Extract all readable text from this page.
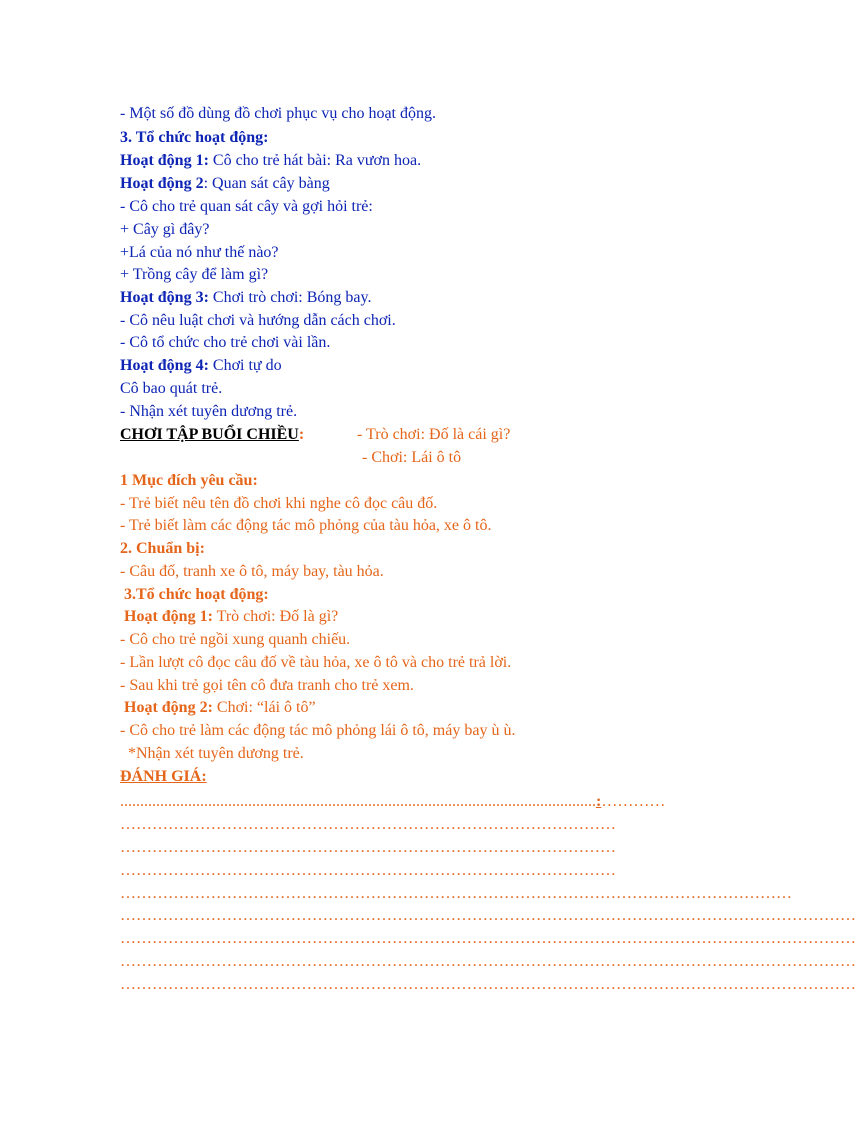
- Một số đồ dùng đồ chơi phục vụ cho hoạt động.
3. Tổ chức hoạt động:
Hoạt động 1: Cô cho trẻ hát bài: Ra vươn hoa.
Hoạt động 2: Quan sát cây bàng
- Cô cho trẻ quan sát cây và gợi hỏi trẻ:
+ Cây gì đây?
+Lá của nó như thế nào?
+ Trồng cây để làm gì?
Hoạt động 3: Chơi trò chơi: Bóng bay.
- Cô nêu luật chơi và hướng dẫn cách chơi.
- Cô tổ chức cho trẻ chơi vài lần.
Hoạt động 4: Chơi tự do
Cô bao quát trẻ.
- Nhận xét tuyên dương trẻ.
CHƠI TẬP BUỔI CHIỀU:	- Trò chơi: Đố là cái gì?
- Chơi: Lái ô tô
1 Mục đích yêu cầu:
- Trẻ biết nêu tên đồ chơi khi nghe cô đọc câu đố.
- Trẻ biết làm các động tác mô phỏng của tàu hỏa, xe ô tô.
2. Chuẩn bị:
- Câu đố, tranh xe ô tô, máy bay, tàu hỏa.
3.Tổ chức hoạt động:
Hoạt động 1: Trò chơi: Đố là gì?
- Cô cho trẻ ngồi xung quanh chiếu.
- Lần lượt cô đọc câu đố về tàu hỏa, xe ô tô và cho trẻ trả lời.
- Sau khi trẻ gọi tên cô đưa tranh cho trẻ xem.
Hoạt động 2: Chơi: “lái ô tô”
- Cô cho trẻ làm các động tác mô phỏng lái ô tô, máy bay ù ù.
*Nhận xét tuyên dương trẻ.
ĐÁNH GIÁ:
.......................................................................................................................:…………
…………………………………………………………………………………
…………………………………………………………………………………
…………………………………………………………………………………
………………………………………………………………………………………………………………
…………………………………………………………………………………………………………………………
…………………………………………………………………………………………………………………………
…………………………………………………………………………………………………………………………
…………………………………………………………………………………………………………………………
